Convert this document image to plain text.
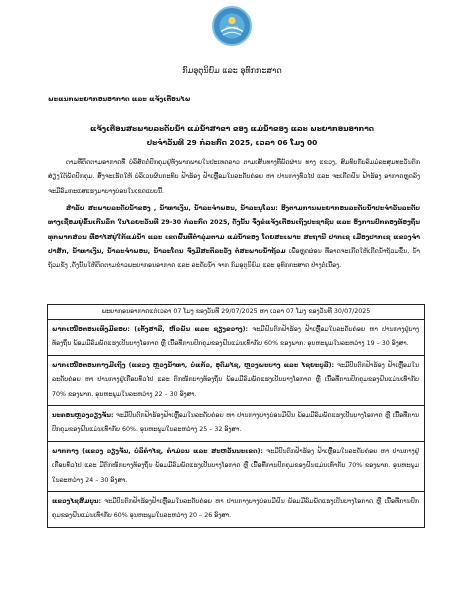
ກອມອຸຕຸ
ກົມອຸຕຸນິຍົມ ແລະ ອຸທົກກະສາດ
ພະແນກພະຍາກອນອາກາດ ແລະ ແຈ້ງເຕືອນໄພ
ແຈ້ງເຕືອນສະພາບລະດັບນໍ້າ ແມ່ນໍ້າສາຂາ ຂອງ ແມ່ນໍ້າຂອງ ແລະ ພະຍາກອນອາກາດ
ປະຈໍາວັນທີ 29 ກໍລະກົດ 2025, ເວລາ 06 ໂມງ 00
ຕາມທີ່ຕິດຕາມອາກາດທີ່ ບໍລິສັດຕໍ່ປົກຄຸມຢູ່ທັງພາກພາຍໃນປະເທດລາວ ຕາມເສັ້ນທາງທີ່ພັດຜ່ານ ທາງ ແຂວງ, ສົມທົບກັບລົມມໍລະສຸມທະວັນຕົກສ່ຽງໃຕ້ພັດປົກຄຸມ. ສິ່ງຈະເຮັດໃຫ້ ບໍລິເວນຜົນກະທົບ ຟ້າຮ້ອງ ຟ້າເຫຼື້ອມໃນລະດັບຄ່ອຍ ຫາ ປານກາງທົ່ວໄປ ແລະ ຈະເກີດຝົນ ຟ້າຮ້ອງ ອາກາດຫຼຸດລົງ ຈະມີລົມກະແສແຮງມາບາງບ່ອນໃນເຂດແບບນີ້.
ສໍາລັບ ສະພາບລະດັບນໍ້າຂອງ , ນໍ້າທາເງິນ, ນໍ້າລະຈຳພອນ, ນໍ້າລະນຸໂລນ: ອີງຕາມການພະຍາກອນລະດັບນໍ້າປະຈໍາວັນລະດັບທາງເຊື່ອມຢູ່ຂຶ້ນເກີນລຶກ ໃນໄລຍະວັນທີ 29-30 ກໍລະກົດ 2025, ດັ່ງນັ້ນ ຈຶ່ງຂໍແຈ້ງເຕືອນເຖິງປະຊາຊົນ ແລະ ອົງການປົກຄອງທ້ອງຖິ່ນທຸກພາກສ່ວນ ທີ່ອາໄສຢູ່ໃກ້ແມ່ນໍ້າ ແລະ ເຂດພື້ນທີ່ຕ່ໍາລຸ່ມຕາມ ແມ່ນໍ້າຂອງ ໂດຍສະເພາະ ສະຖານີ ປາກເຊ ເມືອງປາກເຊ ແຂວງຈໍາປາສັກ, ນໍ້າທາເງິນ, ນໍ້າລະຈໍາພອນ, ນໍ້າລະໂດນ ຈົ່ງມີສະຕິລະວັງ ຕໍ່ສະພາບນໍ້າຖ້ວມ ເພື່ອຫຼຸດຜ່ອນ ທີ່ອາດຈະເກີດໃຫ້ເກີດນໍ້າຖ້ວມຂຶ້ນ, ນໍ້າຖ້ວມຂັງ ,ດັ່ງນັ້ນໃຫ້ຕິດຕາມຂ່າວພະຍາກອນອາກາດ ແລະ ລະດັບນໍ້າ ຈາກ ກົມອຸຕຸນິຍົມ ແລະ ອຸທົກກະສາດ ປ່າງຕໍ່ເນື່ອງ.
ພະຍາກອນອາກາດແຕ່ເວລາ 07 ໂມງ ຂອງວັນທີ 29/07/2025 ຫາ ເວລາ 07 ໂມງ ຂອງວັນທີ 30/07/2025
ພາກເໜືອຕອນເທິງມີຂອບ: (ເຕັ້ງສາລີ, ຫົວພັນ ແລະ ຊຽງຂວາງ): ຈະມີຝົນຕົກຟ້າຮ້ອງ ຟ້າເຫຼື້ອມໃນລະດັບຄ່ອຍ ຫາ ປານກາງຢູ່ບາງທ້ອງຖິ່ນ ພ້ອມມີລົມພັດແຮງເປັນບາງໂອກາດ ຫຼື ເນື້ອທີ່ການປົກຄຸມຂອງຝົນແມ່ນເທົ່າກັບ 60% ຂອງພາກ. ອຸນຫະພູມໃນລະຫວ່າງ 19 – 30 ອົງສາ.
ພາກເໜືອຕອນກາງມີເຖິງ (ແຂວງ ຫຼວງນໍ້າທາ, ບໍ່ແກ້ວ, ອຸດົມໄຊ, ຫຼວງພະບາງ ແລະ ໄຊຍະບູລີ): ຈະມີປົນຕົກຟ້າຮ້ອງ ຟ້າເຫຼື້ອມໃນລະດັບຄ່ອຍ ຫາ ປານກາງຢູ່ເກືອບທົ່ວໄປ ແລະ ຕົກໜັກບາງທ້ອງຖິ່ນ ພ້ອມມີລົມພັດແຮງເປັນບາງໂອກາດ ຫຼື ເນື້ອທີ່ການປົກຄຸມຂອງຝົນແມ່ນເທົ່າກັບ 70% ຂອງພາກ. ອຸນຫະພູມໃນລະຫວ່າງ 22 – 30 ອົງສາ.
ນະຄອນຫຼວງວຽງຈັນ: ຈະມີປົນຕົກຟ້າຮ້ອງຟ້າເຫຼື້ອມໃນລະດັບຄ່ອຍ ຫາ ປານກາງບາງບ່ອນມີຝົນ ພ້ອມມີລົມພັດແຮງເປັນບາງໂອກາດ ຫຼື ເນື້ອທີ່ການປົກຄຸມຂອງຝົນແມ່ນເທົ່າກັບ 60%. ອຸນຫະພູມໃນລະຫວ່າງ 25 – 32 ອົງສາ.
ພາກກາງ (ແຂວງ ວຽງຈັນ, ບໍລິຄໍາໄຊ, ຄໍາມ່ວນ ແລະ ສະຫວັນນະເຂດ): ຈະມີປົນຕົກຟ້າຮ້ອງ ຟ້າເຫຼື້ອມໃນລະດັບຄ່ອຍ ຫາ ປານກາງຢູ່ເກືອບທົ່ວໄປ ແລະ ມີຕົກໜັກບາງທ້ອງຖິ່ນ ພ້ອມມີລົມພັດແຮງເປັນບາງໂອກາດ ຫຼື ເນື້ອທີ່ການປົກຄຸມຂອງຝົນແມ່ນເທົ່າກັບ 70% ຂອງພາກ. ອຸນຫະພູມໃນລະຫວ່າງ 24 – 30 ອົງສາ.
ແຂວງໄຊສົມບູນ: ຈະມີປົນຕົກຟ້າຮ້ອງຟ້າເຫຼື້ອມໃນລະດັບຄ່ອຍ ຫາ ປານກາງບາງບ່ອນມີຝົນ ພ້ອມມີລົມພັດແຮງເປັນບາງໂອກາດ ຫຼື ເນື້ອທີ່ການປົກຄຸມຂອງຝົນແມ່ນເທົ່າກັບ 60% ອຸນຫະພູມໃນລະຫວ່າງ 20 – 26 ອົງສາ.
